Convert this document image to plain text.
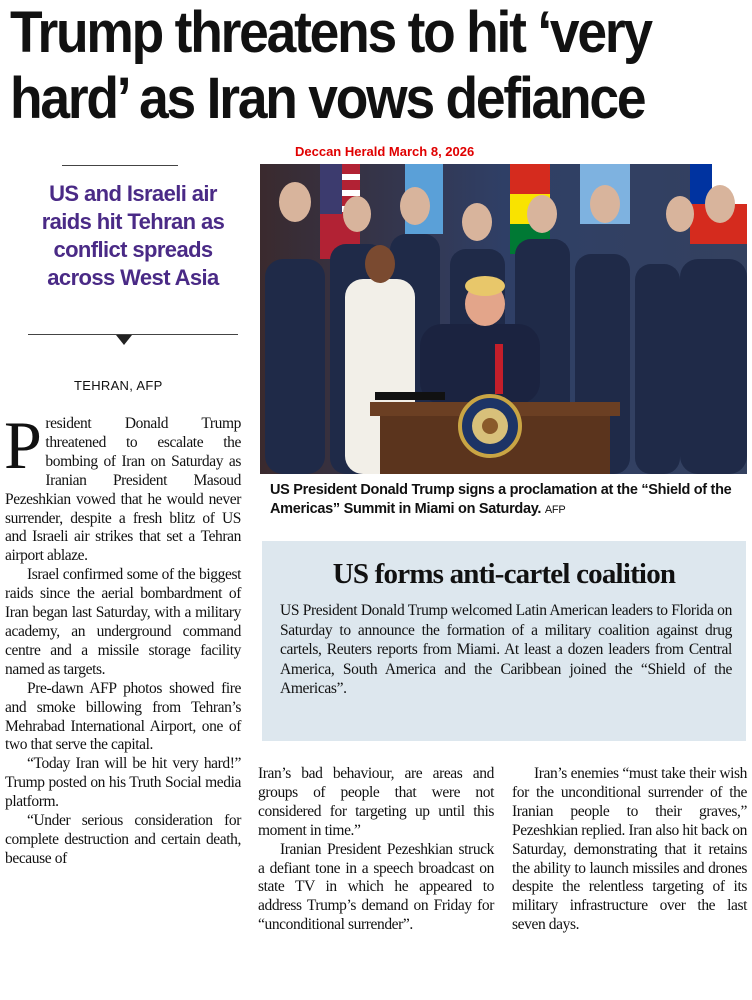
Trump threatens to hit ‘very
hard’ as Iran vows defiance
Deccan Herald March 8, 2026
US and Israeli air raids hit Tehran as conflict spreads across West Asia
TEHRAN, AFP

President Donald Trump threatened to escalate the bombing of Iran on Saturday as Iranian President Masoud Pezeshkian vowed that he would never surrender, despite a fresh blitz of US and Israeli air strikes that set a Tehran airport ablaze.

Israel confirmed some of the biggest raids since the aerial bombardment of Iran began last Saturday, with a military academy, an underground command centre and a missile storage facility named as targets.

Pre-dawn AFP photos showed fire and smoke billowing from Tehran’s Mehrabad International Airport, one of two that serve the capital.

“Today Iran will be hit very hard!” Trump posted on his Truth Social media platform.

“Under serious consideration for complete destruction and certain death, because of

Iran’s bad behaviour, are areas and groups of people that were not considered for targeting up until this moment in time.”

Iranian President Pezeshkian struck a defiant tone in a speech broadcast on state TV in which he appeared to address Trump’s demand on Friday for “unconditional surrender”.

Iran’s enemies “must take their wish for the unconditional surrender of the Iranian people to their graves,” Pezeshkian replied. Iran also hit back on Saturday, demonstrating that it retains the ability to launch missiles and drones despite the relentless targeting of its military infrastructure over the last seven days.

US President Donald Trump signs a proclamation at the “Shield of the Americas” Summit in Miami on Saturday. AFP
US forms anti-cartel coalition

US President Donald Trump welcomed Latin American leaders to Florida on Saturday to announce the formation of a military coalition against drug cartels, Reuters reports from Miami. At least a dozen leaders from Central America, South America and the Caribbean joined the “Shield of the Americas”.
